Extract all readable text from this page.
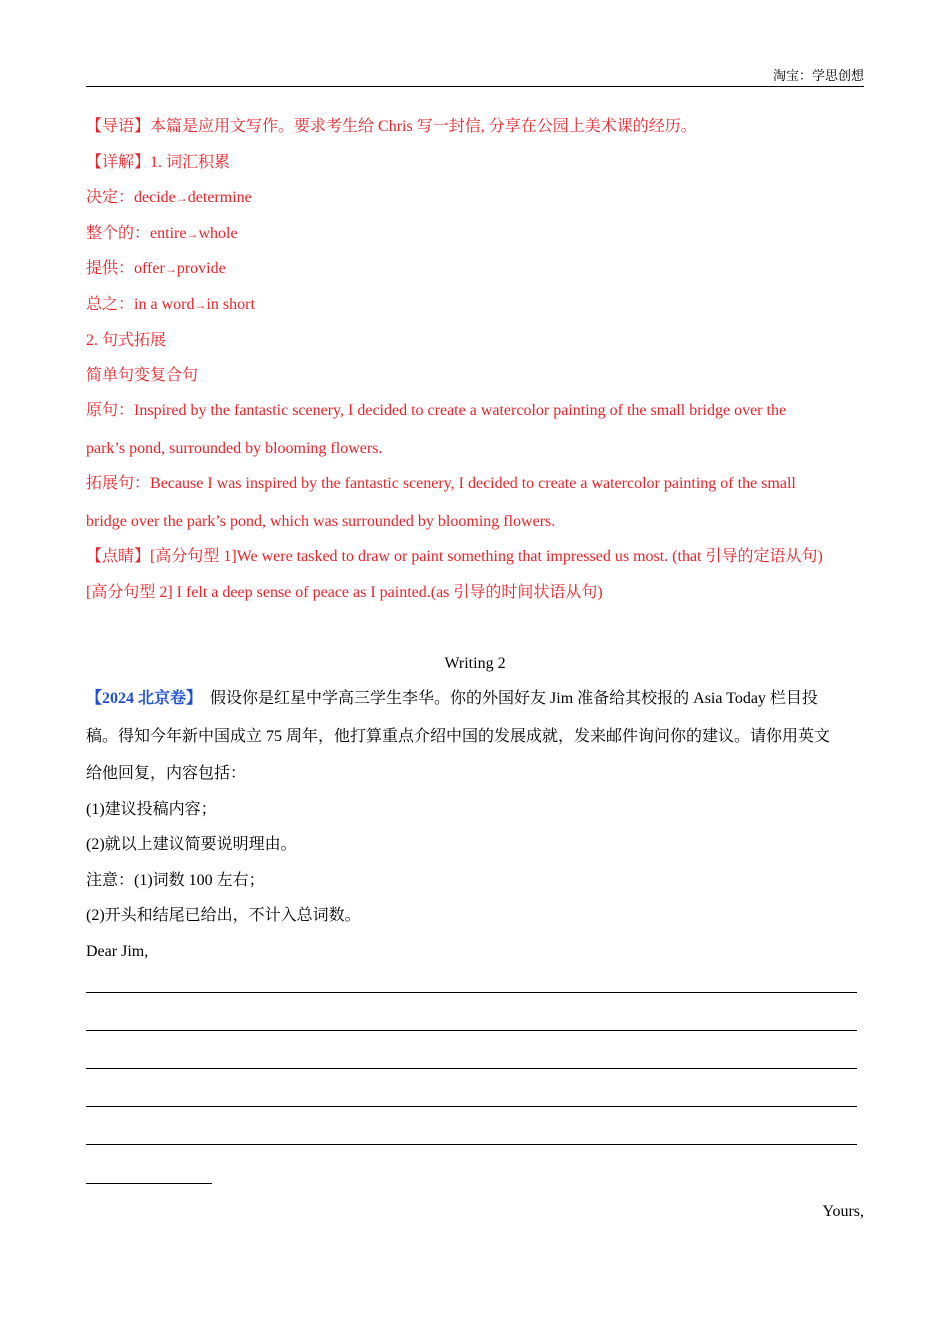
淘宝：学思创想
【导语】本篇是应用文写作。要求考生给 Chris 写一封信, 分享在公园上美术课的经历。
【详解】1. 词汇积累
决定：decide→determine
整个的：entire→whole
提供：offer→provide
总之：in a word→in short
2. 句式拓展
简单句变复合句
原句：Inspired by the fantastic scenery, I decided to create a watercolor painting of the small bridge over the
park’s pond, surrounded by blooming flowers.
拓展句：Because I was inspired by the fantastic scenery, I decided to create a watercolor painting of the small
bridge over the park’s pond, which was surrounded by blooming flowers.
【点睛】[高分句型 1]We were tasked to draw or paint something that impressed us most. (that 引导的定语从句)
[高分句型 2] I felt a deep sense of peace as I painted.(as 引导的时间状语从句)
Writing 2
【2024 北京卷】 假设你是红星中学高三学生李华。你的外国好友 Jim 准备给其校报的 Asia Today 栏目投
稿。得知今年新中国成立 75 周年，他打算重点介绍中国的发展成就，发来邮件询问你的建议。请你用英文
给他回复，内容包括：
(1)建议投稿内容；
(2)就以上建议简要说明理由。
注意：(1)词数 100 左右；
(2)开头和结尾已给出，不计入总词数。
Dear Jim,
Yours,
